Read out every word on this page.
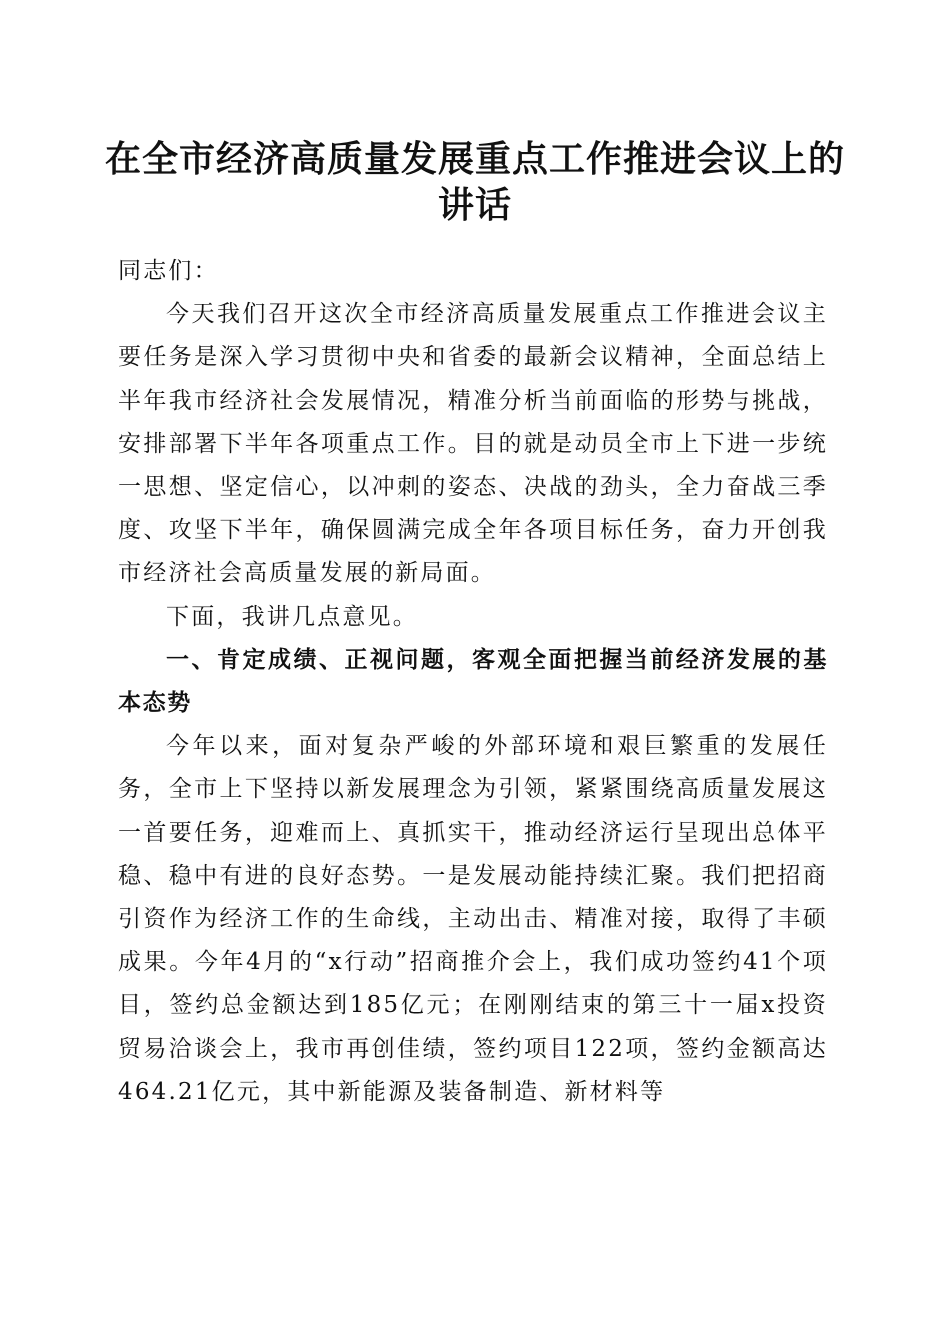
在全市经济高质量发展重点工作推进会议上的讲话

同志们：

今天我们召开这次全市经济高质量发展重点工作推进会议主要任务是深入学习贯彻中央和省委的最新会议精神，全面总结上半年我市经济社会发展情况，精准分析当前面临的形势与挑战，安排部署下半年各项重点工作。目的就是动员全市上下进一步统一思想、坚定信心，以冲刺的姿态、决战的劲头，全力奋战三季度、攻坚下半年，确保圆满完成全年各项目标任务，奋力开创我市经济社会高质量发展的新局面。

下面，我讲几点意见。

一、肯定成绩、正视问题，客观全面把握当前经济发展的基本态势

今年以来，面对复杂严峻的外部环境和艰巨繁重的发展任务，全市上下坚持以新发展理念为引领，紧紧围绕高质量发展这一首要任务，迎难而上、真抓实干，推动经济运行呈现出总体平稳、稳中有进的良好态势。一是发展动能持续汇聚。我们把招商引资作为经济工作的生命线，主动出击、精准对接，取得了丰硕成果。今年4月的“x行动”招商推介会上，我们成功签约41个项目，签约总金额达到185亿元；在刚刚结束的第三十一届x投资贸易洽谈会上，我市再创佳绩，签约项目122项，签约金额高达464.21亿元，其中新能源及装备制造、新材料等
